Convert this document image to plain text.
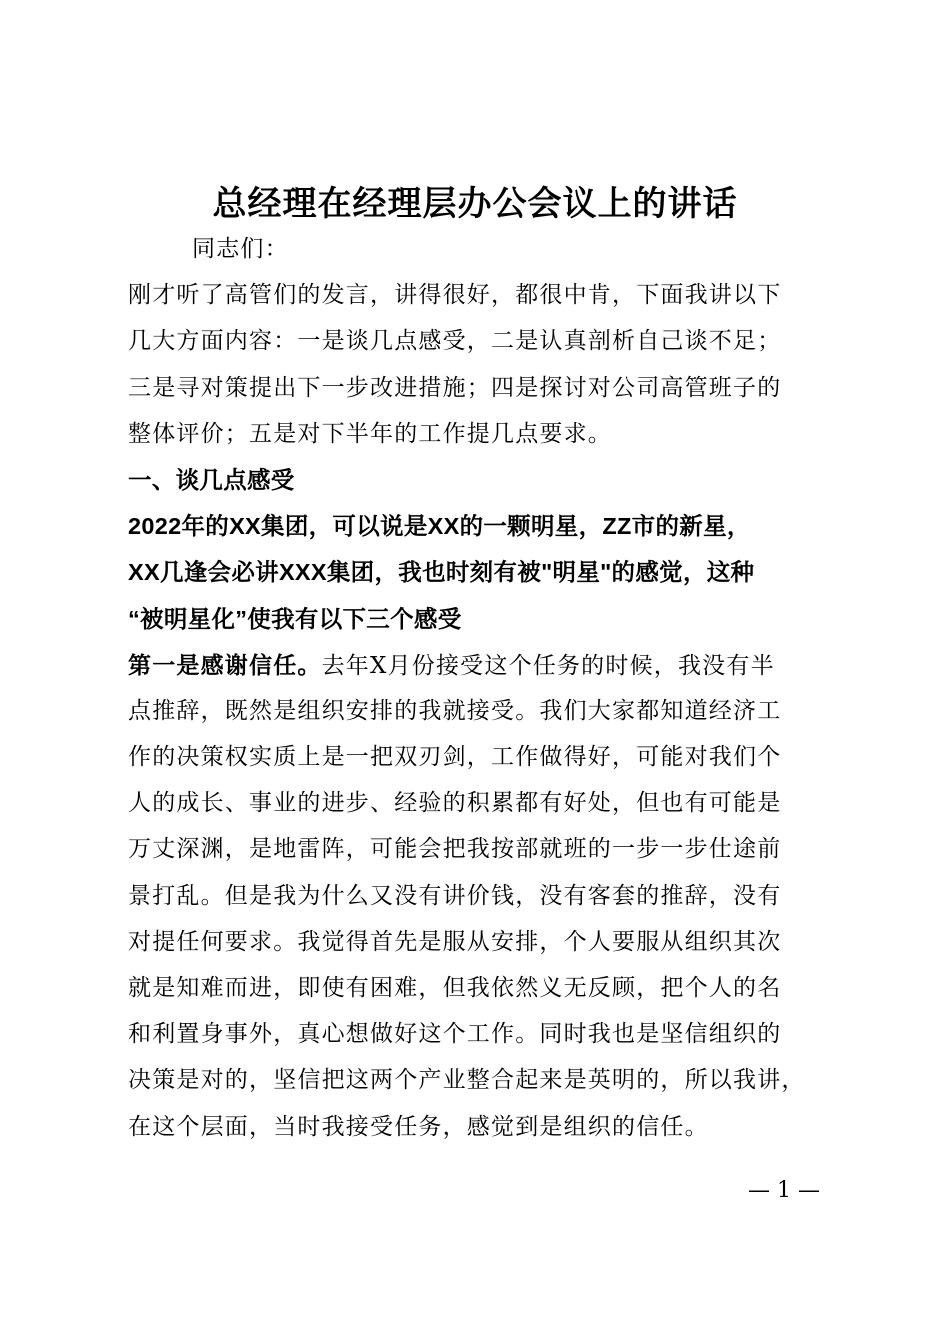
总经理在经理层办公会议上的讲话
同志们：
刚才听了高管们的发言，讲得很好，都很中肯，下面我讲以下
几大方面内容：一是谈几点感受，二是认真剖析自己谈不足；
三是寻对策提出下一步改进措施；四是探讨对公司高管班子的
整体评价；五是对下半年的工作提几点要求。
一、谈几点感受
2022年的XX集团，可以说是XX的一颗明星，ZZ市的新星，
XX几逢会必讲XXX集团，我也时刻有被"明星"的感觉，这种
“被明星化”使我有以下三个感受
第一是感谢信任。去年X月份接受这个任务的时候，我没有半
点推辞，既然是组织安排的我就接受。我们大家都知道经济工
作的决策权实质上是一把双刃剑，工作做得好，可能对我们个
人的成长、事业的进步、经验的积累都有好处，但也有可能是
万丈深渊，是地雷阵，可能会把我按部就班的一步一步仕途前
景打乱。但是我为什么又没有讲价钱，没有客套的推辞，没有
对提任何要求。我觉得首先是服从安排，个人要服从组织其次
就是知难而进，即使有困难，但我依然义无反顾，把个人的名
和利置身事外，真心想做好这个工作。同时我也是坚信组织的
决策是对的，坚信把这两个产业整合起来是英明的，所以我讲，
在这个层面，当时我接受任务，感觉到是组织的信任。
— 1 —
